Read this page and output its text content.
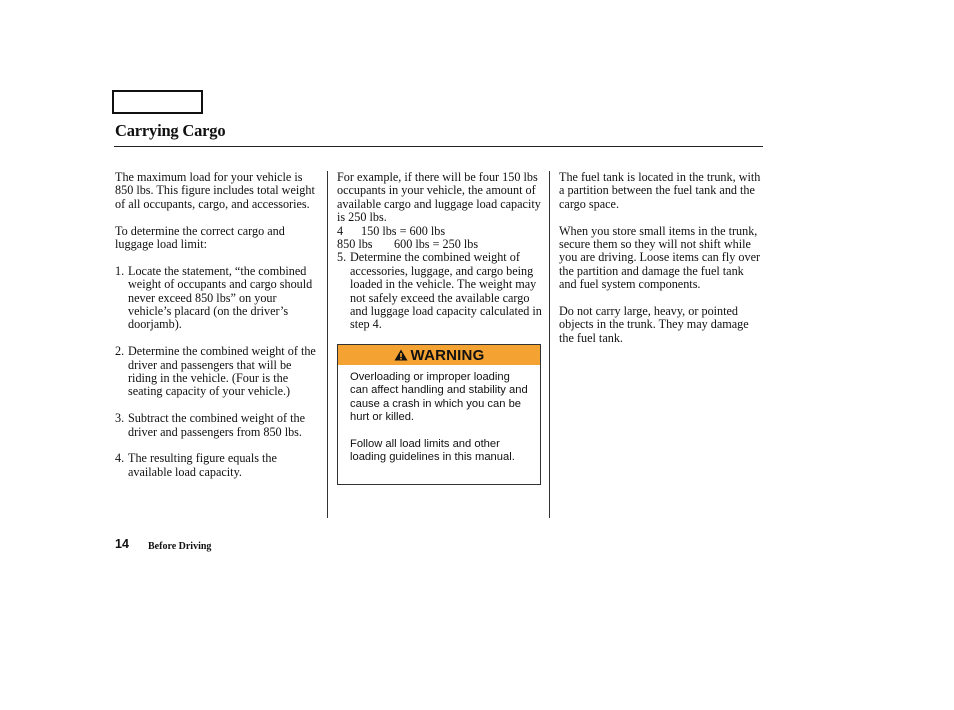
Carrying Cargo

The maximum load for your vehicle is 850 lbs. This figure includes total weight of all occupants, cargo, and accessories.

To determine the correct cargo and luggage load limit:

1. Locate the statement, “the combined weight of occupants and cargo should never exceed 850 lbs” on your vehicle’s placard (on the driver’s doorjamb).
2. Determine the combined weight of the driver and passengers that will be riding in the vehicle. (Four is the seating capacity of your vehicle.)
3. Subtract the combined weight of the driver and passengers from 850 lbs.
4. The resulting figure equals the available load capacity.

For example, if there will be four 150 lbs occupants in your vehicle, the amount of available cargo and luggage load capacity is 250 lbs.

4	150 lbs = 600 lbs
850 lbs	600 lbs = 250 lbs
5. Determine the combined weight of accessories, luggage, and cargo being loaded in the vehicle. The weight may not safely exceed the available cargo and luggage load capacity calculated in step 4.
WARNING

Overloading or improper loading can affect handling and stability and cause a crash in which you can be hurt or killed.

Follow all load limits and other loading guidelines in this manual.

The fuel tank is located in the trunk, with a partition between the fuel tank and the cargo space.

When you store small items in the trunk, secure them so they will not shift while you are driving. Loose items can fly over the partition and damage the fuel tank and fuel system components.

Do not carry large, heavy, or pointed objects in the trunk. They may damage the fuel tank.

14 Before Driving
